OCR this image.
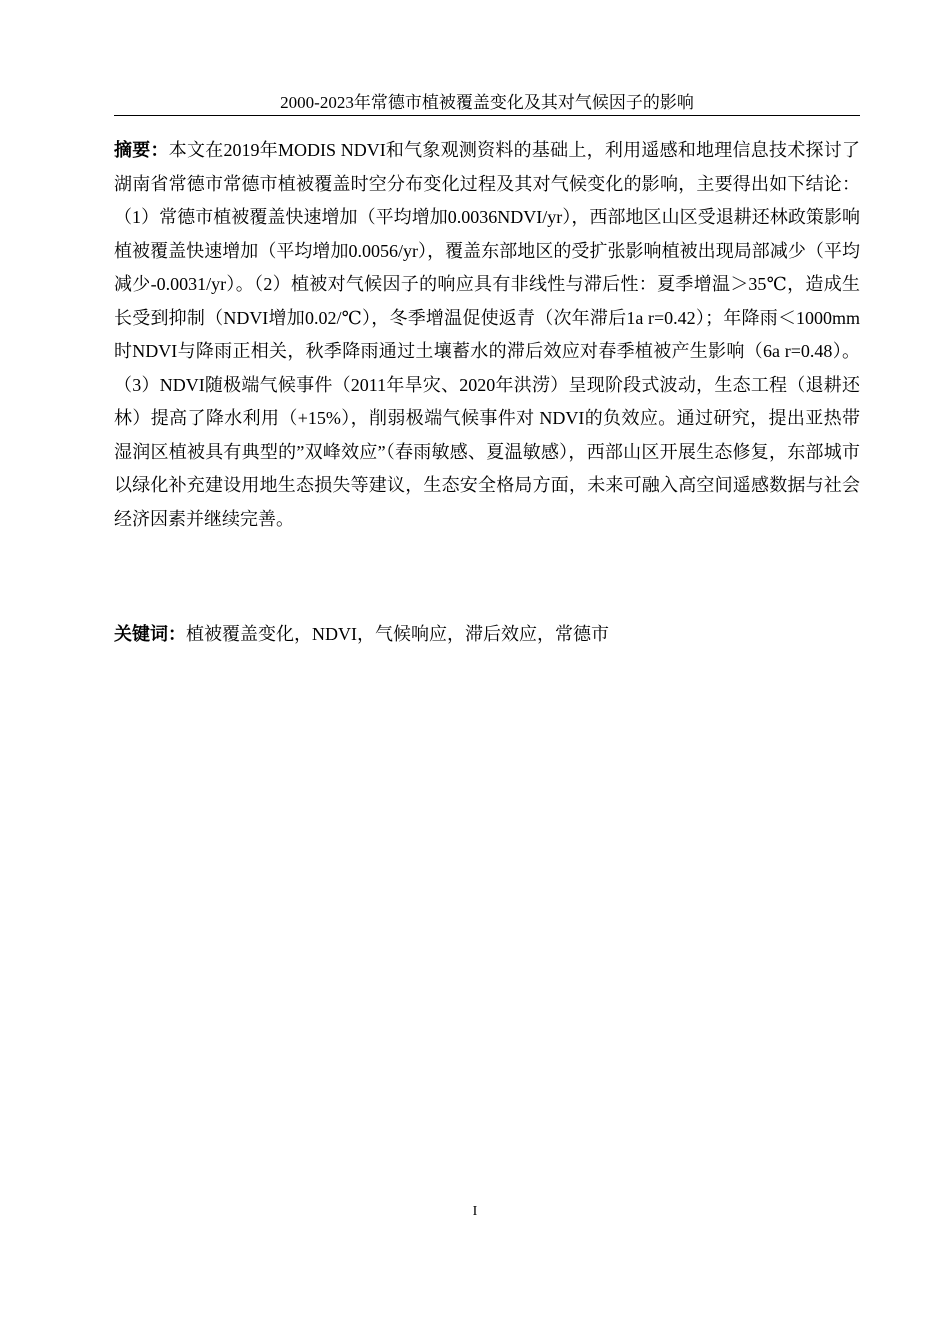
2000-2023年常德市植被覆盖变化及其对气候因子的影响

摘要：本文在2019年MODIS NDVI和气象观测资料的基础上，利用遥感和地理信息技术探讨了湖南省常德市常德市植被覆盖时空分布变化过程及其对气候变化的影响，主要得出如下结论：（1）常德市植被覆盖快速增加（平均增加0.0036NDVI/yr），西部地区山区受退耕还林政策影响植被覆盖快速增加（平均增加0.0056/yr），覆盖东部地区的受扩张影响植被出现局部减少（平均减少-0.0031/yr）。（2）植被对气候因子的响应具有非线性与滞后性：夏季增温＞35℃，造成生长受到抑制（NDVI增加0.02/℃），冬季增温促使返青（次年滞后1a r=0.42）；年降雨＜1000mm时NDVI与降雨正相关，秋季降雨通过土壤蓄水的滞后效应对春季植被产生影响（6a r=0.48）。（3）NDVI随极端气候事件（2011年旱灾、2020年洪涝）呈现阶段式波动，生态工程（退耕还林）提高了降水利用（+15%），削弱极端气候事件对 NDVI的负效应。通过研究，提出亚热带湿润区植被具有典型的”双峰效应”（春雨敏感、夏温敏感），西部山区开展生态修复，东部城市以绿化补充建设用地生态损失等建议，生态安全格局方面，未来可融入高空间遥感数据与社会经济因素并继续完善。

关键词：植被覆盖变化，NDVI，气候响应，滞后效应，常德市
I
